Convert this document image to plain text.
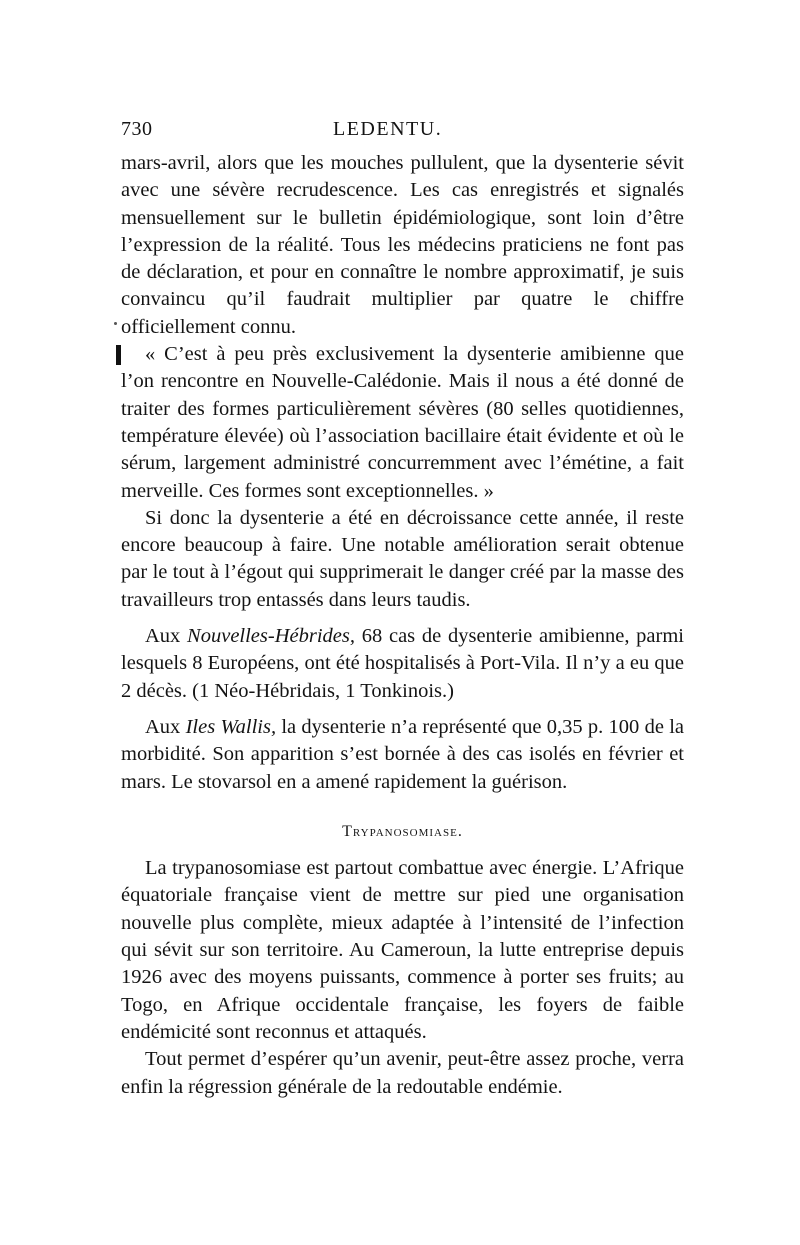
730	LEDENTU.

mars-avril, alors que les mouches pullulent, que la dysenterie sévit avec une sévère recrudescence. Les cas enregistrés et signalés mensuellement sur le bulletin épidémiologique, sont loin d’être l’expression de la réalité. Tous les médecins praticiens ne font pas de déclaration, et pour en connaître le nombre approximatif, je suis convaincu qu’il faudrait multiplier par quatre le chiffre officiellement connu.

« C’est à peu près exclusivement la dysenterie amibienne que l’on rencontre en Nouvelle-Calédonie. Mais il nous a été donné de traiter des formes particulièrement sévères (80 selles quotidiennes, température élevée) où l’association bacillaire était évidente et où le sérum, largement administré concurremment avec l’émétine, a fait merveille. Ces formes sont exceptionnelles. »

Si donc la dysenterie a été en décroissance cette année, il reste encore beaucoup à faire. Une notable amélioration serait obtenue par le tout à l’égout qui supprimerait le danger créé par la masse des travailleurs trop entassés dans leurs taudis.

Aux Nouvelles-Hébrides, 68 cas de dysenterie amibienne, parmi lesquels 8 Européens, ont été hospitalisés à Port-Vila. Il n’y a eu que 2 décès. (1 Néo-Hébridais, 1 Tonkinois.)

Aux Iles Wallis, la dysenterie n’a représenté que 0,35 p. 100 de la morbidité. Son apparition s’est bornée à des cas isolés en février et mars. Le stovarsol en a amené rapidement la guérison.

Trypanosomiase.

La trypanosomiase est partout combattue avec énergie. L’Afrique équatoriale française vient de mettre sur pied une organisation nouvelle plus complète, mieux adaptée à l’intensité de l’infection qui sévit sur son territoire. Au Cameroun, la lutte entreprise depuis 1926 avec des moyens puissants, commence à porter ses fruits; au Togo, en Afrique occidentale française, les foyers de faible endémicité sont reconnus et attaqués.

Tout permet d’espérer qu’un avenir, peut-être assez proche, verra enfin la régression générale de la redoutable endémie.
